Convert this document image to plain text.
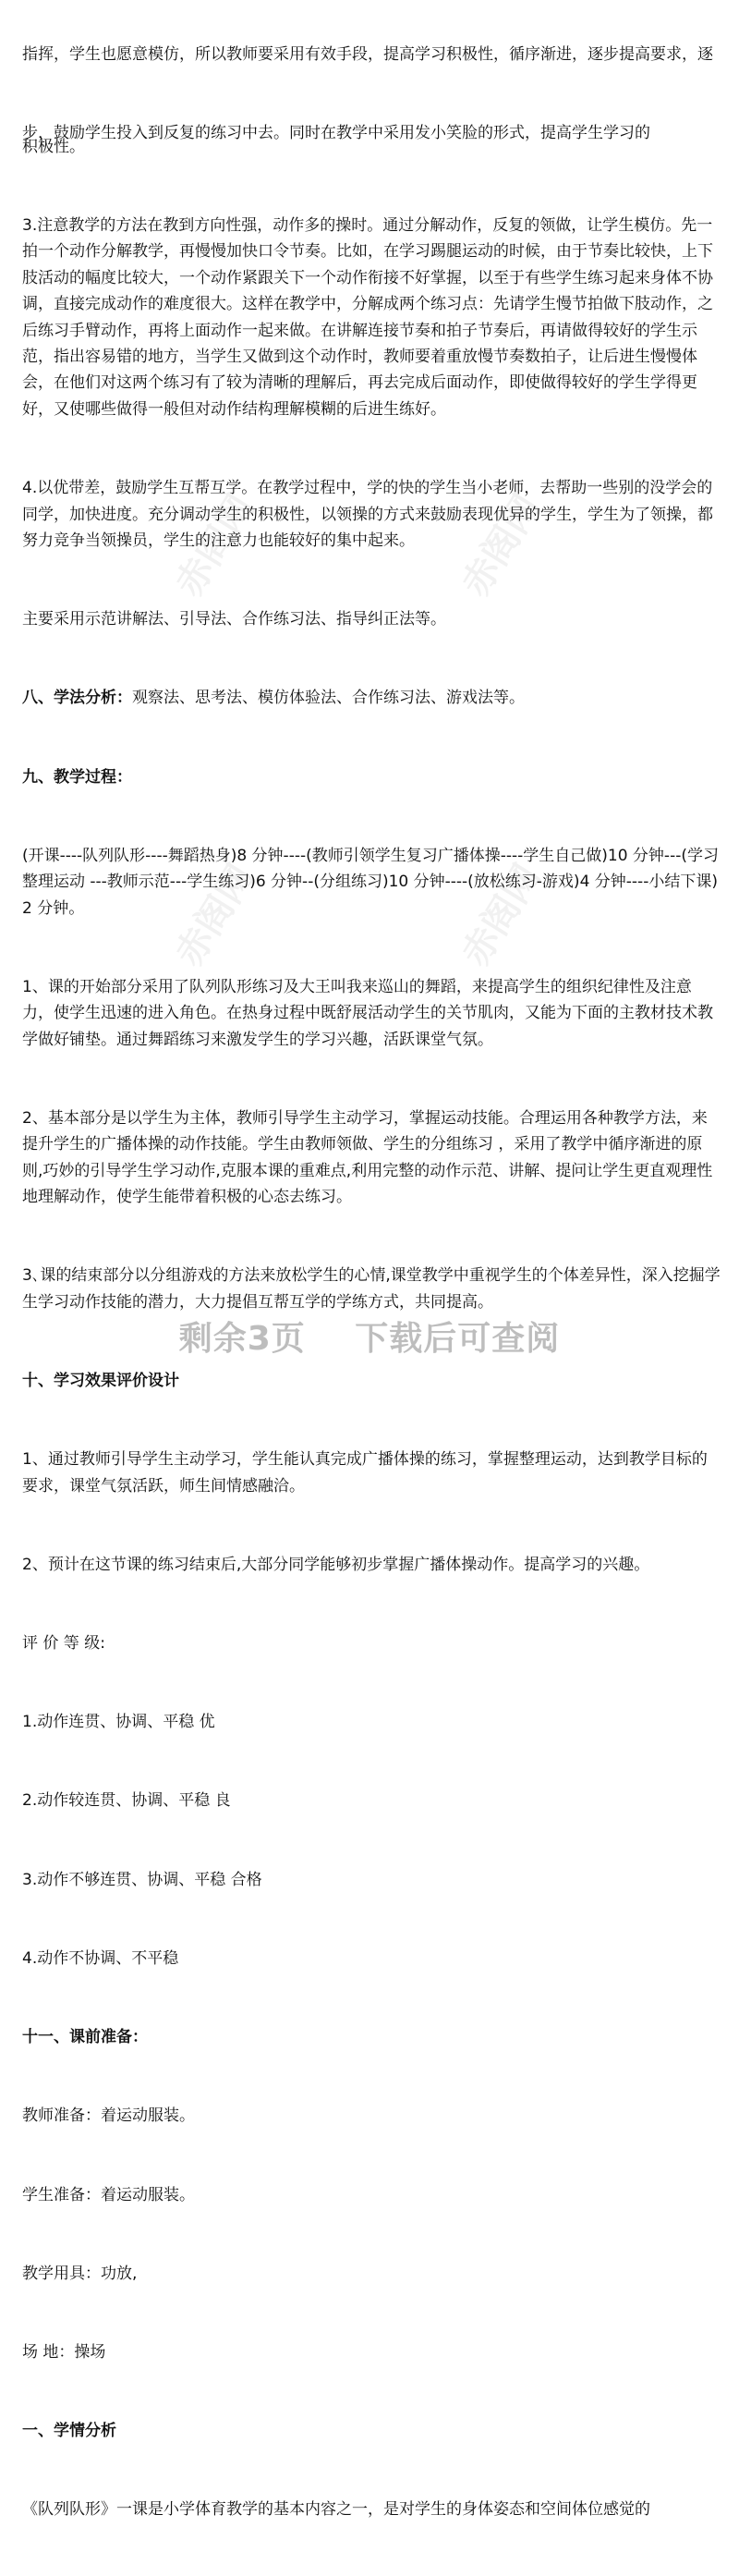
赤阁网	赤阁网
赤阁网	赤阁网

指挥，学生也愿意模仿，所以教师要采用有效手段，提高学习积极性，循序渐进，逐步提高要求，逐

步，鼓励学生投入到反复的练习中去。同时在教学中采用发小笑脸的形式，提高学生学习的

积极性。

3.注意教学的方法在教到方向性强，动作多的操时。通过分解动作，反复的领做，让学生模仿。先一拍一个动作分解教学，再慢慢加快口令节奏。比如，在学习踢腿运动的时候，由于节奏比较快，上下肢活动的幅度比较大，一个动作紧跟关下一个动作衔接不好掌握，以至于有些学生练习起来身体不协调，直接完成动作的难度很大。这样在教学中，分解成两个练习点：先请学生慢节拍做下肢动作，之后练习手臂动作，再将上面动作一起来做。在讲解连接节奏和拍子节奏后，再请做得较好的学生示范，指出容易错的地方，当学生又做到这个动作时，教师要着重放慢节奏数拍子，让后进生慢慢体会，在他们对这两个练习有了较为清晰的理解后，再去完成后面动作，即使做得较好的学生学得更好，又使哪些做得一般但对动作结构理解模糊的后进生练好。

4.以优带差，鼓励学生互帮互学。在教学过程中，学的快的学生当小老师，去帮助一些别的没学会的同学，加快进度。充分调动学生的积极性，以领操的方式来鼓励表现优异的学生，学生为了领操，都努力竞争当领操员，学生的注意力也能较好的集中起来。

主要采用示范讲解法、引导法、合作练习法、指导纠正法等。

八、学法分析：观察法、思考法、模仿体验法、合作练习法、游戏法等。

九、教学过程：

(开课----队列队形----舞蹈热身)8 分钟----(教师引领学生复习广播体操----学生自己做)10 分钟---(学习整理运动 ---教师示范---学生练习)6 分钟--(分组练习)10 分钟----(放松练习-游戏)4 分钟----小结下课)2 分钟。

1、课的开始部分采用了队列队形练习及大王叫我来巡山的舞蹈，来提高学生的组织纪律性及注意力，使学生迅速的进入角色。在热身过程中既舒展活动学生的关节肌肉，又能为下面的主教材技术教学做好铺垫。通过舞蹈练习来激发学生的学习兴趣，活跃课堂气氛。

2、基本部分是以学生为主体，教师引导学生主动学习，掌握运动技能。合理运用各种教学方法，来提升学生的广播体操的动作技能。学生由教师领做、学生的分组练习 ，采用了教学中循序渐进的原则,巧妙的引导学生学习动作,克服本课的重难点,利用完整的动作示范、讲解、提问让学生更直观理性地理解动作，使学生能带着积极的心态去练习。

3､课的结束部分以分组游戏的方法来放松学生的心情,课堂教学中重视学生的个体差异性，深入挖掘学生学习动作技能的潜力，大力提倡互帮互学的学练方式，共同提高。

十、学习效果评价设计

1、通过教师引导学生主动学习，学生能认真完成广播体操的练习，掌握整理运动，达到教学目标的要求，课堂气氛活跃，师生间情感融洽。

2、预计在这节课的练习结束后,大部分同学能够初步掌握广播体操动作。提高学习的兴趣。

评 价 等 级:

1.动作连贯、协调、平稳 优

2.动作较连贯、协调、平稳 良

3.动作不够连贯、协调、平稳 合格

4.动作不协调、不平稳

十一、课前准备：

教师准备：着运动服装。

学生准备：着运动服装。

教学用具：功放,

场 地：操场

一、学情分析

《队列队形》一课是小学体育教学的基本内容之一，是对学生的身体姿态和空间体位感觉的

剩余3页 下载后可查阅
